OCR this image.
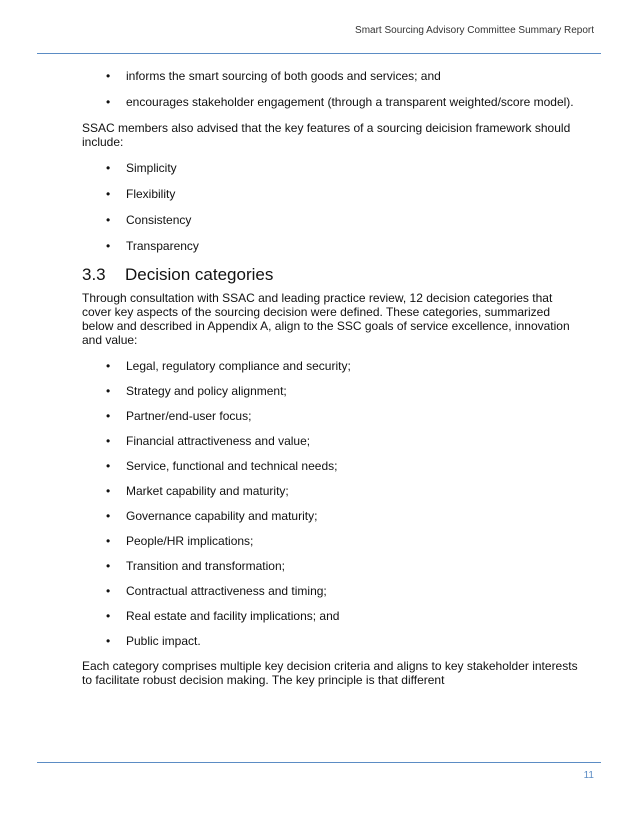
Smart Sourcing Advisory Committee Summary Report
• informs the smart sourcing of both goods and services; and
• encourages stakeholder engagement (through a transparent weighted/score model).

SSAC members also advised that the key features of a sourcing deicision framework should include:

• Simplicity
• Flexibility
• Consistency
• Transparency
3.3	Decision categories

Through consultation with SSAC and leading practice review, 12 decision categories that cover key aspects of the sourcing decision were defined. These categories, summarized below and described in Appendix A, align to the SSC goals of service excellence, innovation and value:

• Legal, regulatory compliance and security;
• Strategy and policy alignment;
• Partner/end-user focus;
• Financial attractiveness and value;
• Service, functional and technical needs;
• Market capability and maturity;
• Governance capability and maturity;
• People/HR implications;
• Transition and transformation;
• Contractual attractiveness and timing;
• Real estate and facility implications; and
• Public impact.

Each category comprises multiple key decision criteria and aligns to key stakeholder interests to facilitate robust decision making. The key principle is that different

11
